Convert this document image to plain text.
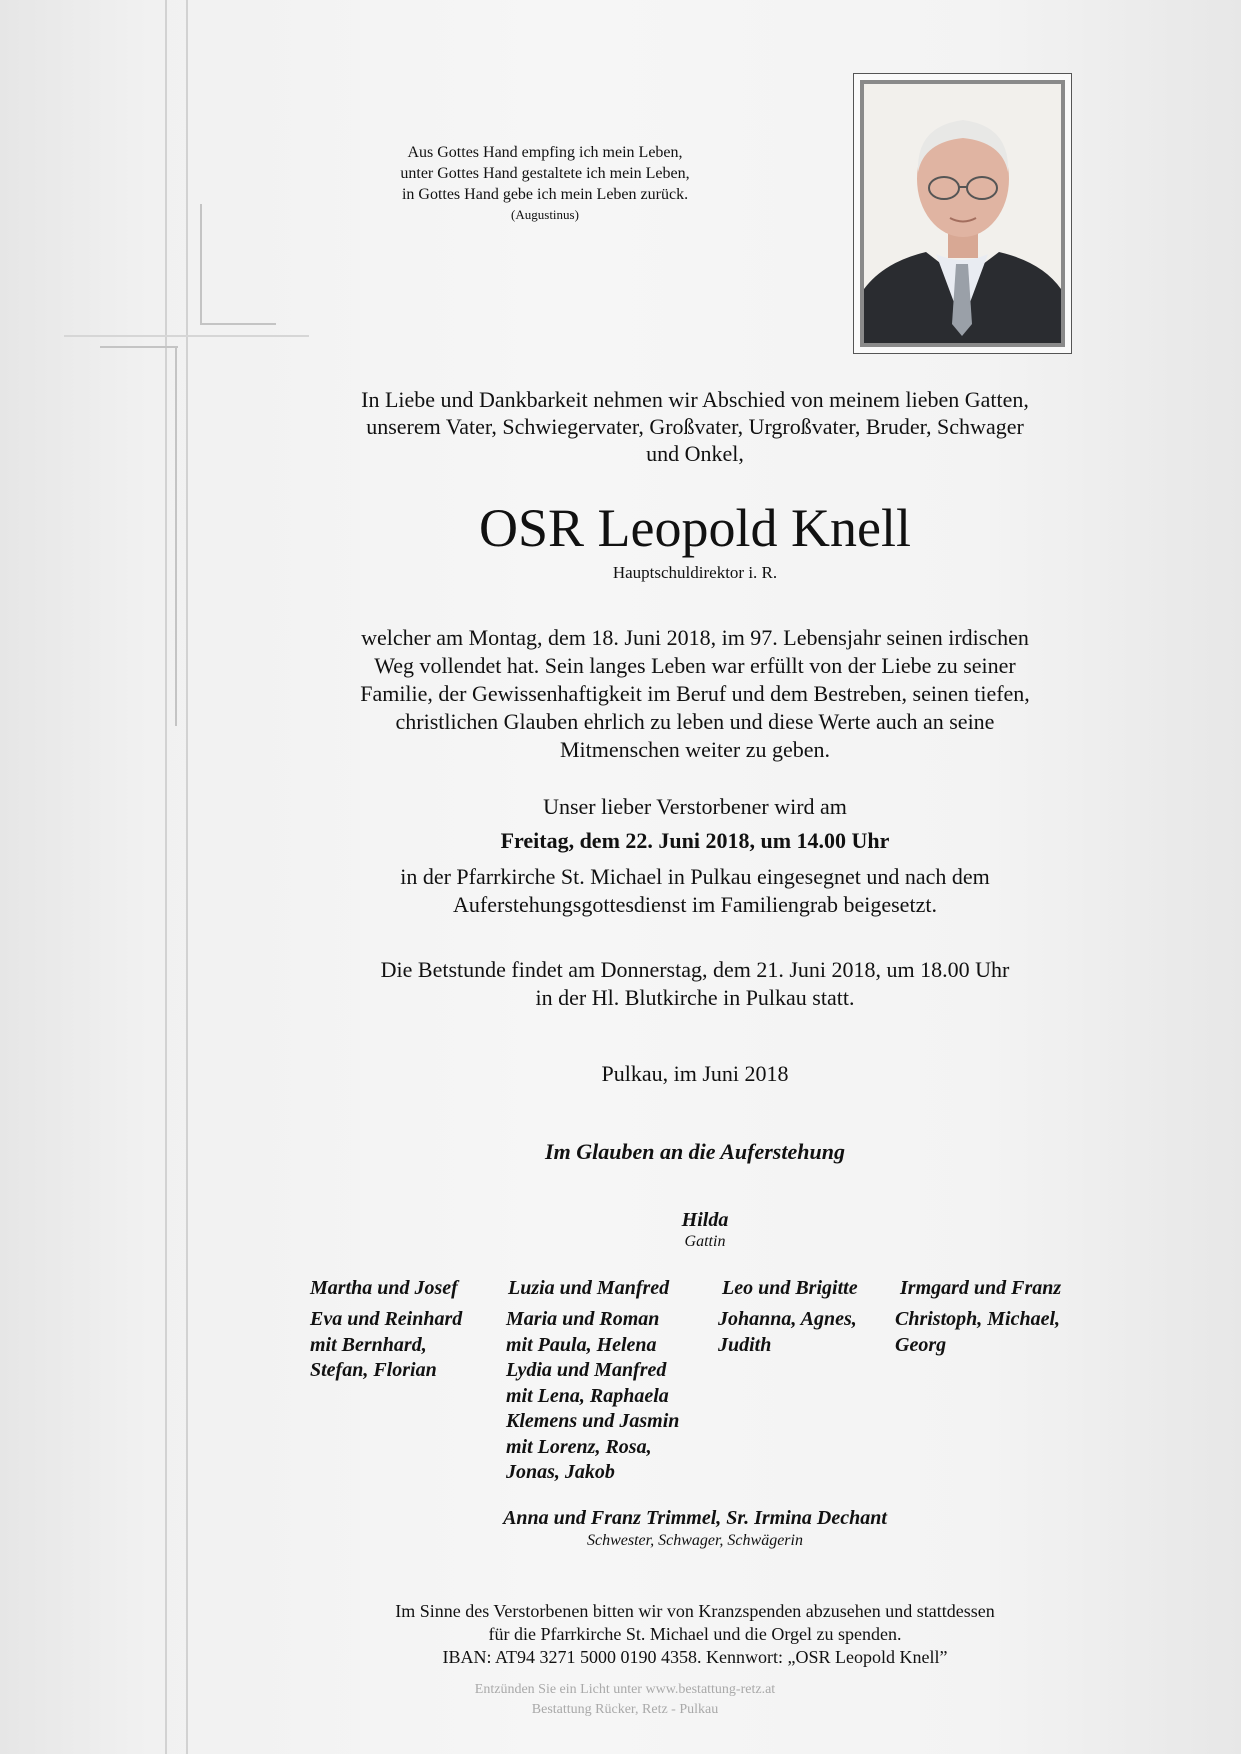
Aus Gottes Hand empfing ich mein Leben,
unter Gottes Hand gestaltete ich mein Leben,
in Gottes Hand gebe ich mein Leben zurück.
(Augustinus)
In Liebe und Dankbarkeit nehmen wir Abschied von meinem lieben Gatten,
unserem Vater, Schwiegervater, Großvater, Urgroßvater, Bruder, Schwager
und Onkel,
OSR Leopold Knell
Hauptschuldirektor i. R.
welcher am Montag, dem 18. Juni 2018, im 97. Lebensjahr seinen irdischen
Weg vollendet hat. Sein langes Leben war erfüllt von der Liebe zu seiner
Familie, der Gewissenhaftigkeit im Beruf und dem Bestreben, seinen tiefen,
christlichen Glauben ehrlich zu leben und diese Werte auch an seine
Mitmenschen weiter zu geben.
Unser lieber Verstorbener wird am
Freitag, dem 22. Juni 2018, um 14.00 Uhr
in der Pfarrkirche St. Michael in Pulkau eingesegnet und nach dem
Auferstehungsgottesdienst im Familiengrab beigesetzt.
Die Betstunde findet am Donnerstag, dem 21. Juni 2018, um 18.00 Uhr
in der Hl. Blutkirche in Pulkau statt.
Pulkau, im Juni 2018
Im Glauben an die Auferstehung
Hilda
Gattin
Martha und Josef
Eva und Reinhard
mit Bernhard,
Stefan, Florian
Luzia und Manfred
Maria und Roman
mit Paula, Helena
Lydia und Manfred
mit Lena, Raphaela
Klemens und Jasmin
mit Lorenz, Rosa,
Jonas, Jakob
Leo und Brigitte
Johanna, Agnes,
Judith
Irmgard und Franz
Christoph, Michael,
Georg
Anna und Franz Trimmel, Sr. Irmina Dechant
Schwester, Schwager, Schwägerin
Im Sinne des Verstorbenen bitten wir von Kranzspenden abzusehen und stattdessen
für die Pfarrkirche St. Michael und die Orgel zu spenden.
IBAN: AT94 3271 5000 0190 4358. Kennwort: „OSR Leopold Knell”
Entzünden Sie ein Licht unter www.bestattung-retz.at
Bestattung Rücker, Retz - Pulkau
